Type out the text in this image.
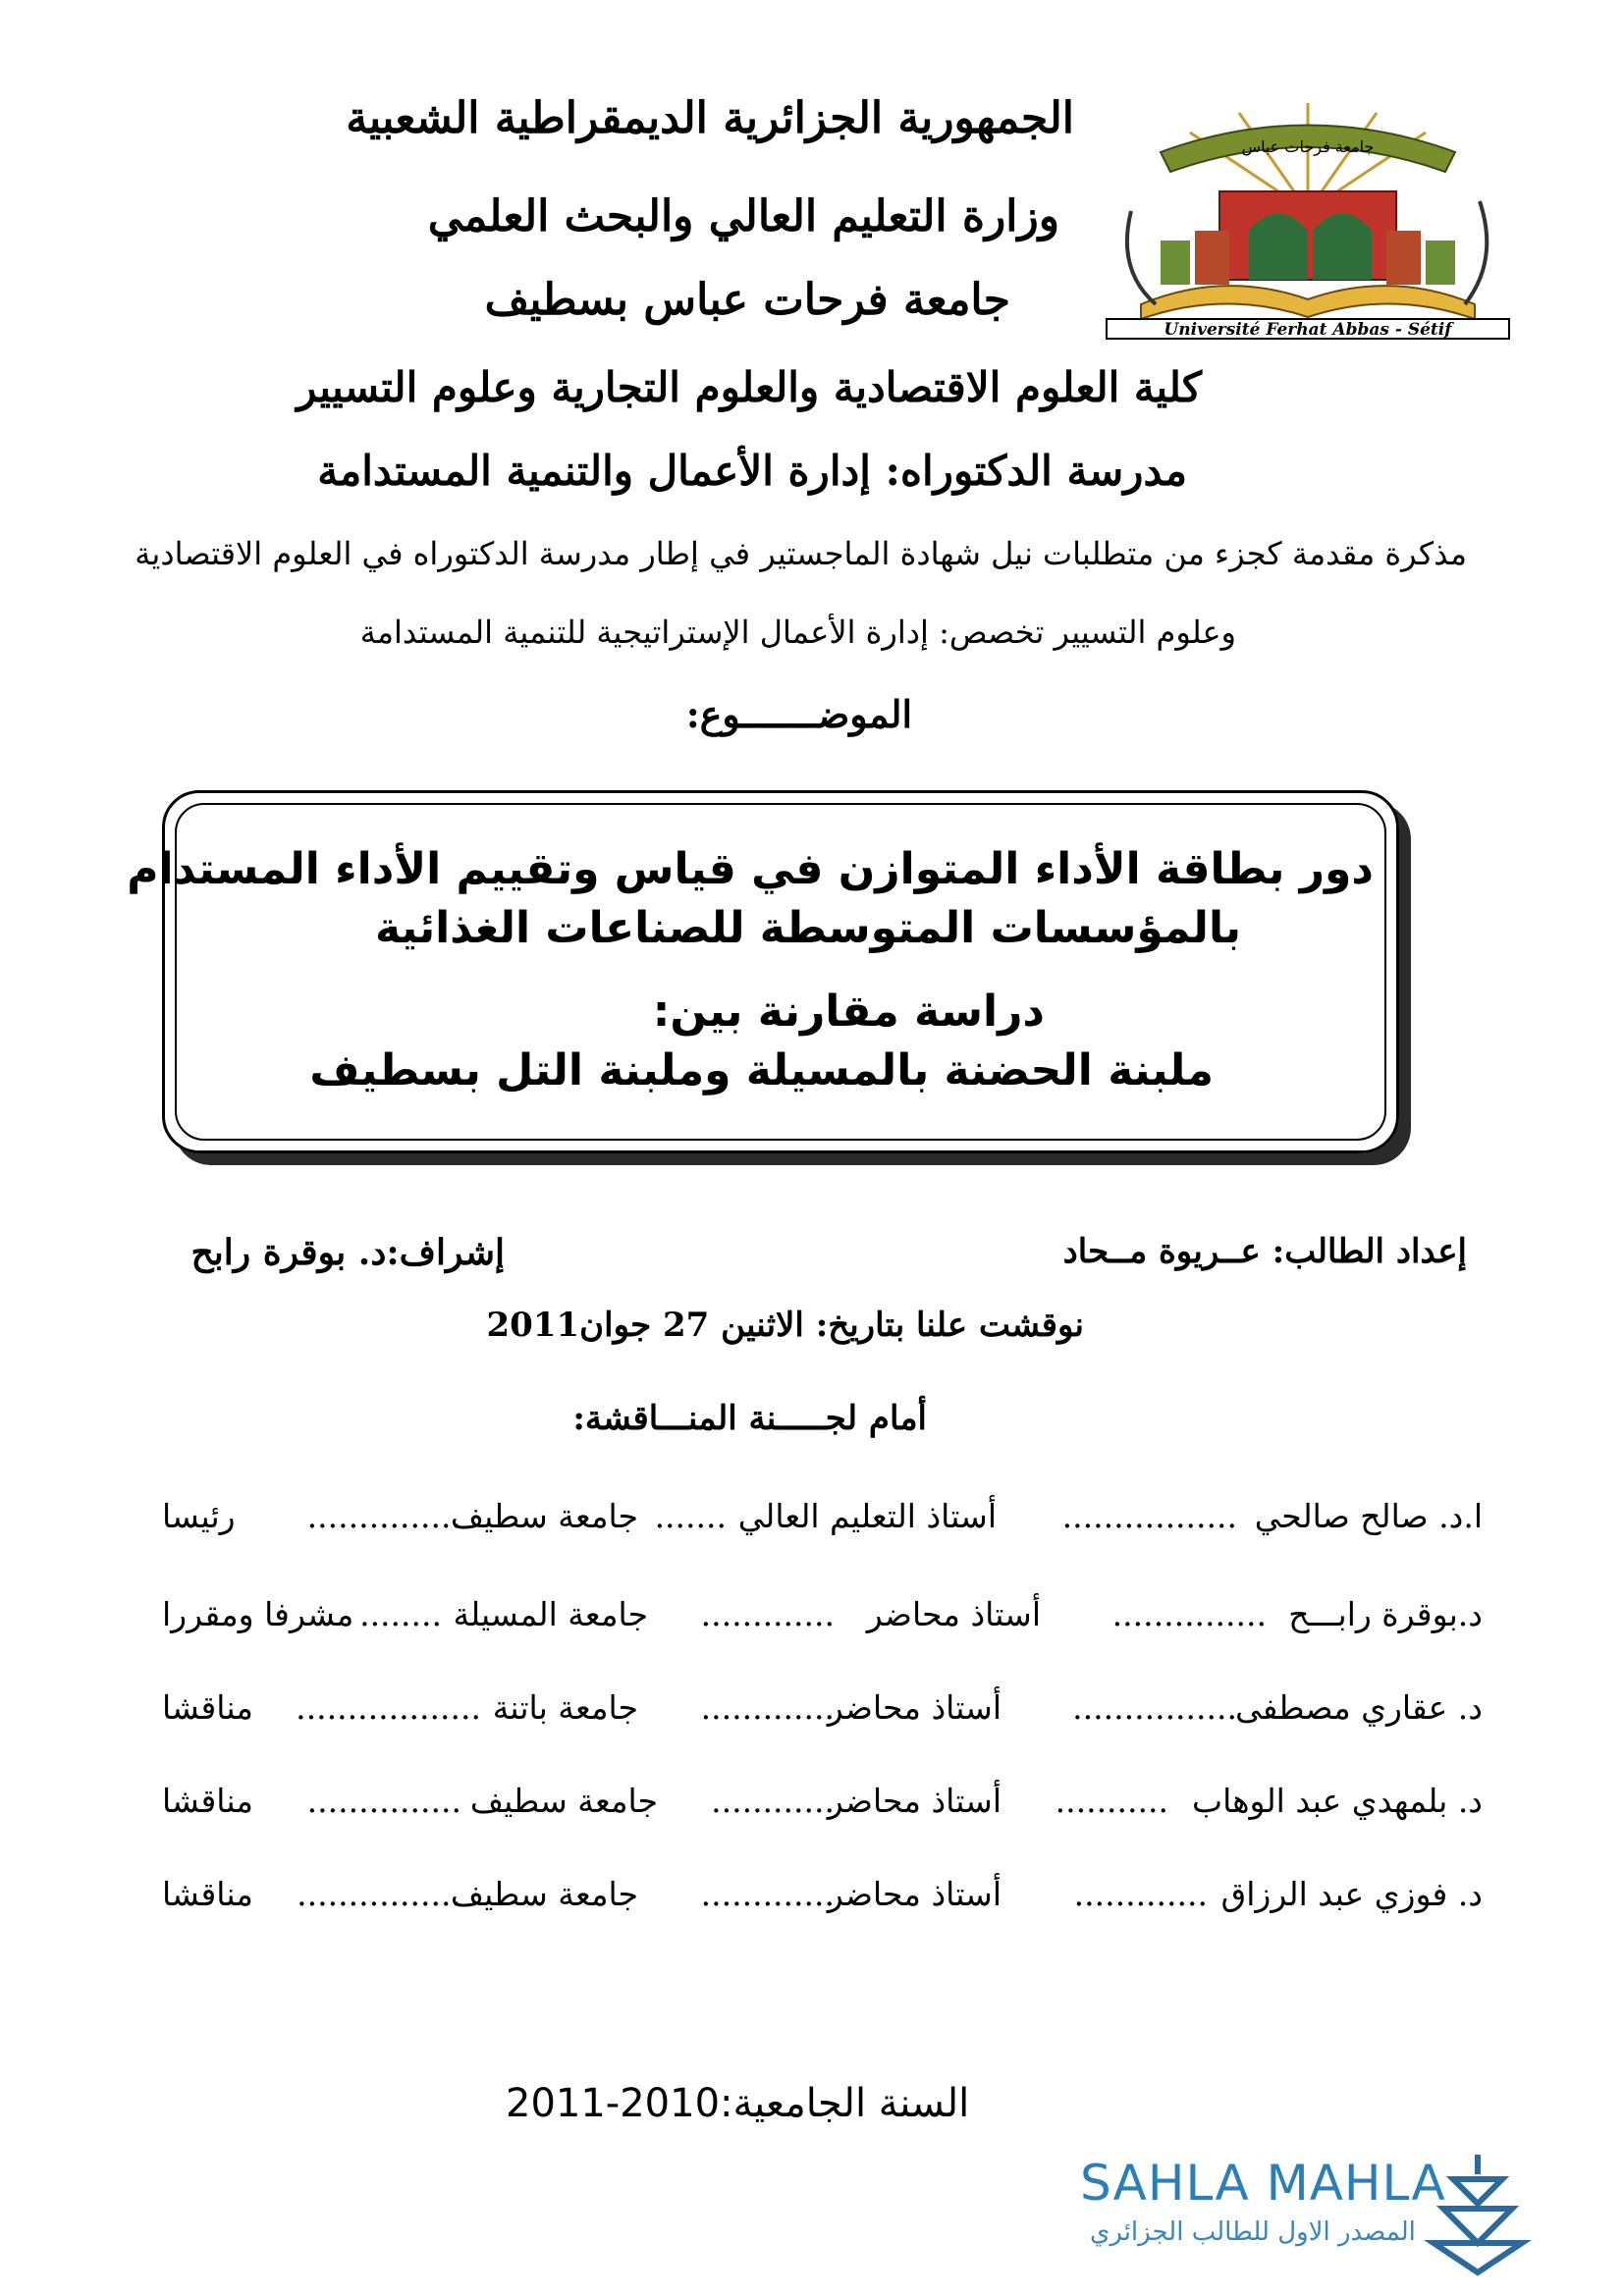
Université Ferhat Abbas - Sétif
جامعة فرحات عباس
الجمهورية الجزائرية الديمقراطية الشعبية
وزارة التعليم العالي والبحث العلمي
جامعة فرحات عباس بسطيف
كلية العلوم الاقتصادية والعلوم التجارية وعلوم التسيير
مدرسة الدكتوراه: إدارة الأعمال والتنمية المستدامة
مذكرة مقدمة كجزء من متطلبات نيل شهادة الماجستير في إطار مدرسة الدكتوراه في العلوم الاقتصادية
وعلوم التسيير تخصص: إدارة الأعمال الإستراتيجية للتنمية المستدامة
الموضـــــــوع:
دور بطاقة الأداء المتوازن في قياس وتقييم الأداء المستدام
بالمؤسسات المتوسطة للصناعات الغذائية
دراسة مقارنة بين:
ملبنة الحضنة بالمسيلة وملبنة التل بسطيف
إعداد الطالب: عــريوة مــحاد
إشراف:د. بوقرة رابح
نوقشت علنا بتاريخ: الاثنين 27 جوان2011
أمام لجـــــنة المنـــاقشة:
ا.د. صالح صالحي
.................
أستاذ التعليم العالي
.......
جامعة سطيف
...............
رئيسا
د.بوقرة رابـــح
...............
أستاذ محاضر
.............
جامعة المسيلة
........
مشرفا ومقررا
د. عقاري مصطفى
................
أستاذ محاضر
.............
جامعة باتنة
..................
مناقشا
د. بلمهدي عبد الوهاب
...........
أستاذ محاضر
............
جامعة سطيف
...............
مناقشا
د. فوزي عبد الرزاق
.............
أستاذ محاضر
.............
جامعة سطيف
................
مناقشا
السنة الجامعية:2010-2011
SAHLA MAHLA
المصدر الاول للطالب الجزائري
